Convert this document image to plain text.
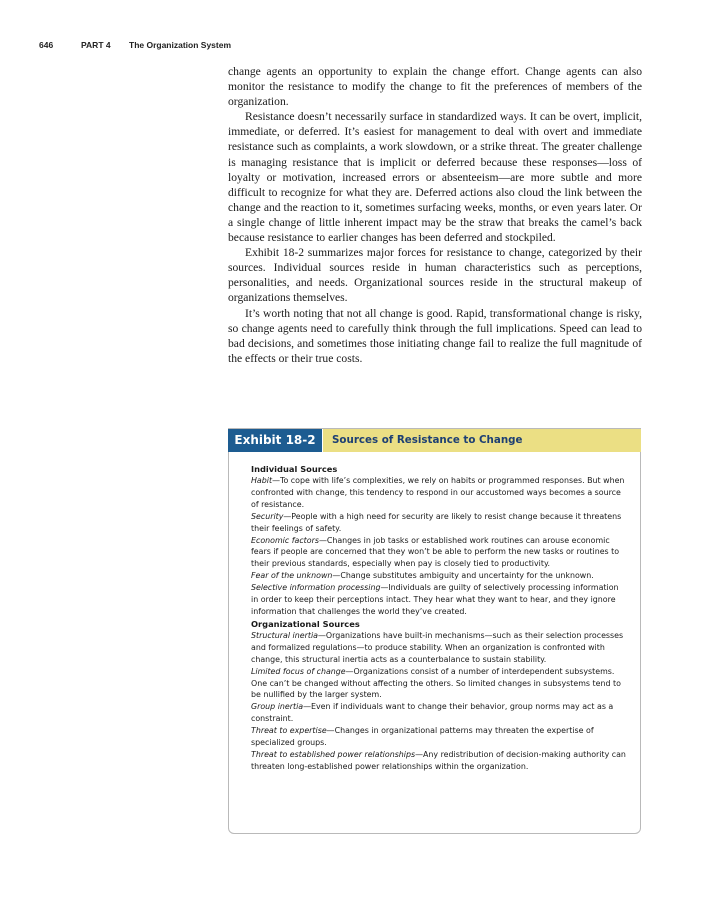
646	PART 4 The Organization System

change agents an opportunity to explain the change effort. Change agents can also monitor the resistance to modify the change to fit the preferences of members of the organization.

Resistance doesn’t necessarily surface in standardized ways. It can be overt, implicit, immediate, or deferred. It’s easiest for management to deal with overt and immediate resistance such as complaints, a work slowdown, or a strike threat. The greater challenge is managing resistance that is implicit or deferred because these responses—loss of loyalty or motivation, increased errors or absenteeism—are more subtle and more difficult to recognize for what they are. Deferred actions also cloud the link between the change and the reaction to it, sometimes surfacing weeks, months, or even years later. Or a single change of little inherent impact may be the straw that breaks the camel’s back because resistance to earlier changes has been deferred and stockpiled.

Exhibit 18-2 summarizes major forces for resistance to change, categorized by their sources. Individual sources reside in human characteristics such as perceptions, personalities, and needs. Organizational sources reside in the structural makeup of organizations themselves.

It’s worth noting that not all change is good. Rapid, transformational change is risky, so change agents need to carefully think through the full implications. Speed can lead to bad decisions, and sometimes those initiating change fail to realize the full magnitude of the effects or their true costs.

Exhibit 18-2	Sources of Resistance to Change
Individual Sources

Habit—To cope with life’s complexities, we rely on habits or programmed responses. But when confronted with change, this tendency to respond in our accustomed ways becomes a source of resistance.

Security—People with a high need for security are likely to resist change because it threatens their feelings of safety.

Economic factors—Changes in job tasks or established work routines can arouse economic fears if people are concerned that they won’t be able to perform the new tasks or routines to their previous standards, especially when pay is closely tied to productivity.

Fear of the unknown—Change substitutes ambiguity and uncertainty for the unknown.

Selective information processing—Individuals are guilty of selectively processing information in order to keep their perceptions intact. They hear what they want to hear, and they ignore information that challenges the world they’ve created.

Organizational Sources

Structural inertia—Organizations have built-in mechanisms—such as their selection processes and formalized regulations—to produce stability. When an organization is confronted with change, this structural inertia acts as a counterbalance to sustain stability.

Limited focus of change—Organizations consist of a number of interdependent subsystems. One can’t be changed without affecting the others. So limited changes in subsystems tend to be nullified by the larger system.

Group inertia—Even if individuals want to change their behavior, group norms may act as a constraint.

Threat to expertise—Changes in organizational patterns may threaten the expertise of specialized groups.

Threat to established power relationships—Any redistribution of decision-making authority can threaten long-established power relationships within the organization.
